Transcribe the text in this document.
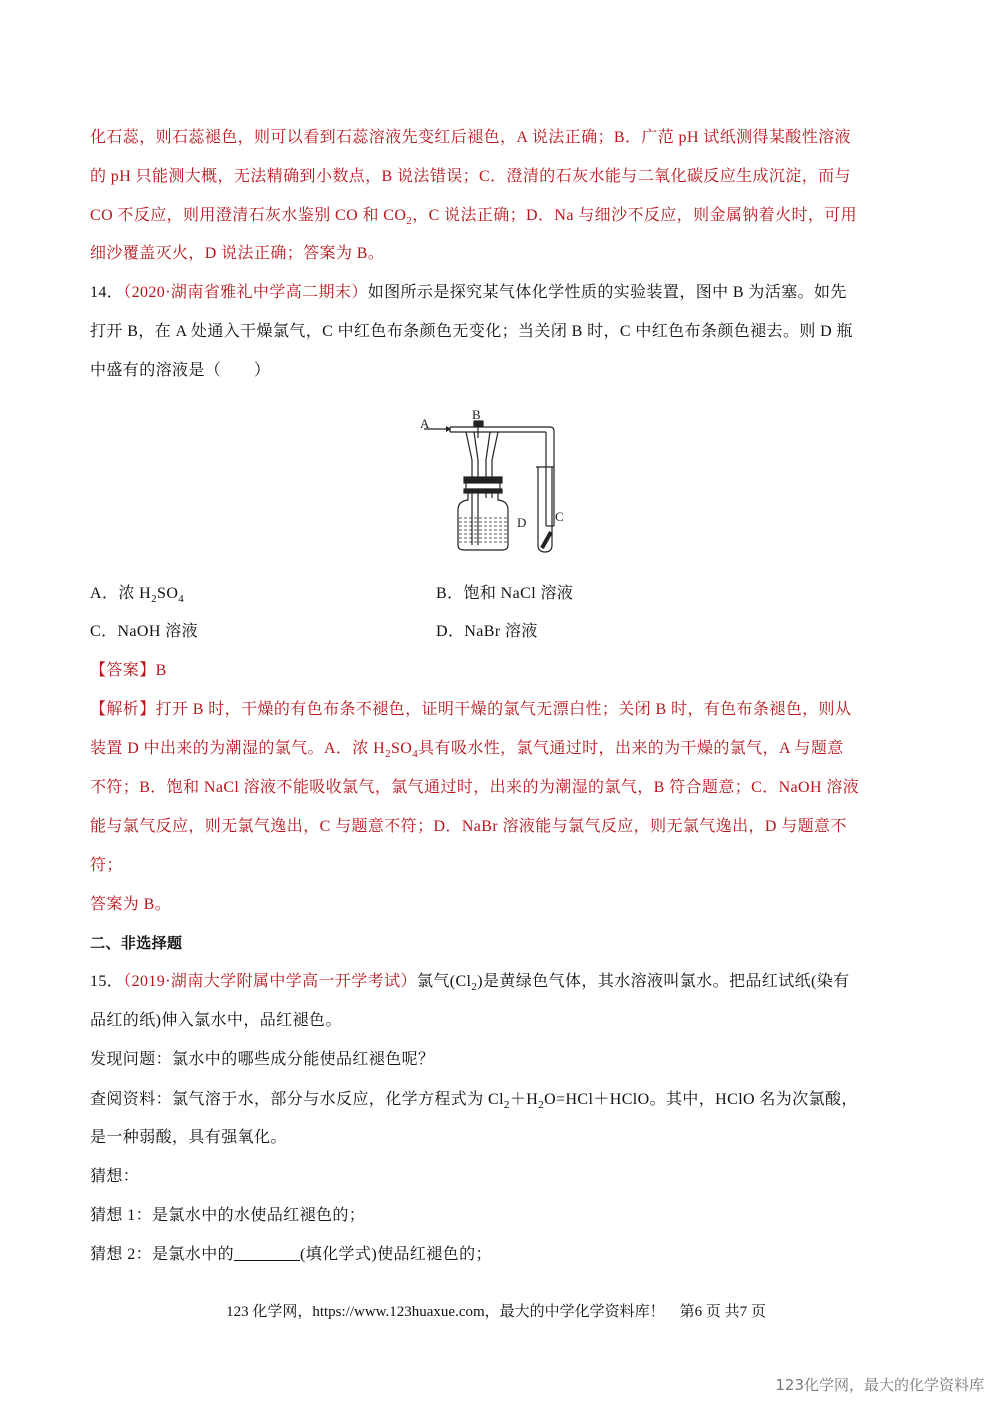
化石蕊，则石蕊褪色，则可以看到石蕊溶液先变红后褪色，A 说法正确；B．广范 pH 试纸测得某酸性溶液
的 pH 只能测大概，无法精确到小数点，B 说法错误；C．澄清的石灰水能与二氧化碳反应生成沉淀，而与
CO 不反应，则用澄清石灰水鉴别 CO 和 $CO_2$，C 说法正确；D．Na 与细沙不反应，则金属钠着火时，可用
细沙覆盖灭火，D 说法正确；答案为 B。
14．（2020·湖南省雅礼中学高二期末）如图所示是探究某气体化学性质的实验装置，图中 B 为活塞。如先
打开 B，在 A 处通入干燥氯气，C 中红色布条颜色无变化；当关闭 B 时，C 中红色布条颜色褪去。则 D 瓶
中盛有的溶液是（　　）
A
B
C
D
A．浓 $H_2SO_4$	B．饱和 NaCl 溶液
C．NaOH 溶液	D．NaBr 溶液
【答案】B
【解析】打开 B 时，干燥的有色布条不褪色，证明干燥的氯气无漂白性；关闭 B 时，有色布条褪色，则从
装置 D 中出来的为潮湿的氯气。A．浓 $H_2SO_4$具有吸水性，氯气通过时，出来的为干燥的氯气，A 与题意
不符；B．饱和 NaCl 溶液不能吸收氯气，氯气通过时，出来的为潮湿的氯气，B 符合题意；C．NaOH 溶液
能与氯气反应，则无氯气逸出，C 与题意不符；D．NaBr 溶液能与氯气反应，则无氯气逸出，D 与题意不
符；
答案为 B。
二、非选择题
15．（2019·湖南大学附属中学高一开学考试）氯气$(Cl_2)$是黄绿色气体，其水溶液叫氯水。把品红试纸(染有
品红的纸)伸入氯水中，品红褪色。
发现问题：氯水中的哪些成分能使品红褪色呢？
查阅资料：氯气溶于水，部分与水反应，化学方程式为 $Cl_2+H_2O=HCl+HClO$。其中，HClO 名为次氯酸，
是一种弱酸，具有强氧化。
猜想：
猜想 1：是氯水中的水使品红褪色的；
猜想 2：是氯水中的	(填化学式)使品红褪色的；
123 化学网，https://www.123huaxue.com，最大的中学化学资料库！　第6 页 共7 页
123化学网，最大的化学资料库
